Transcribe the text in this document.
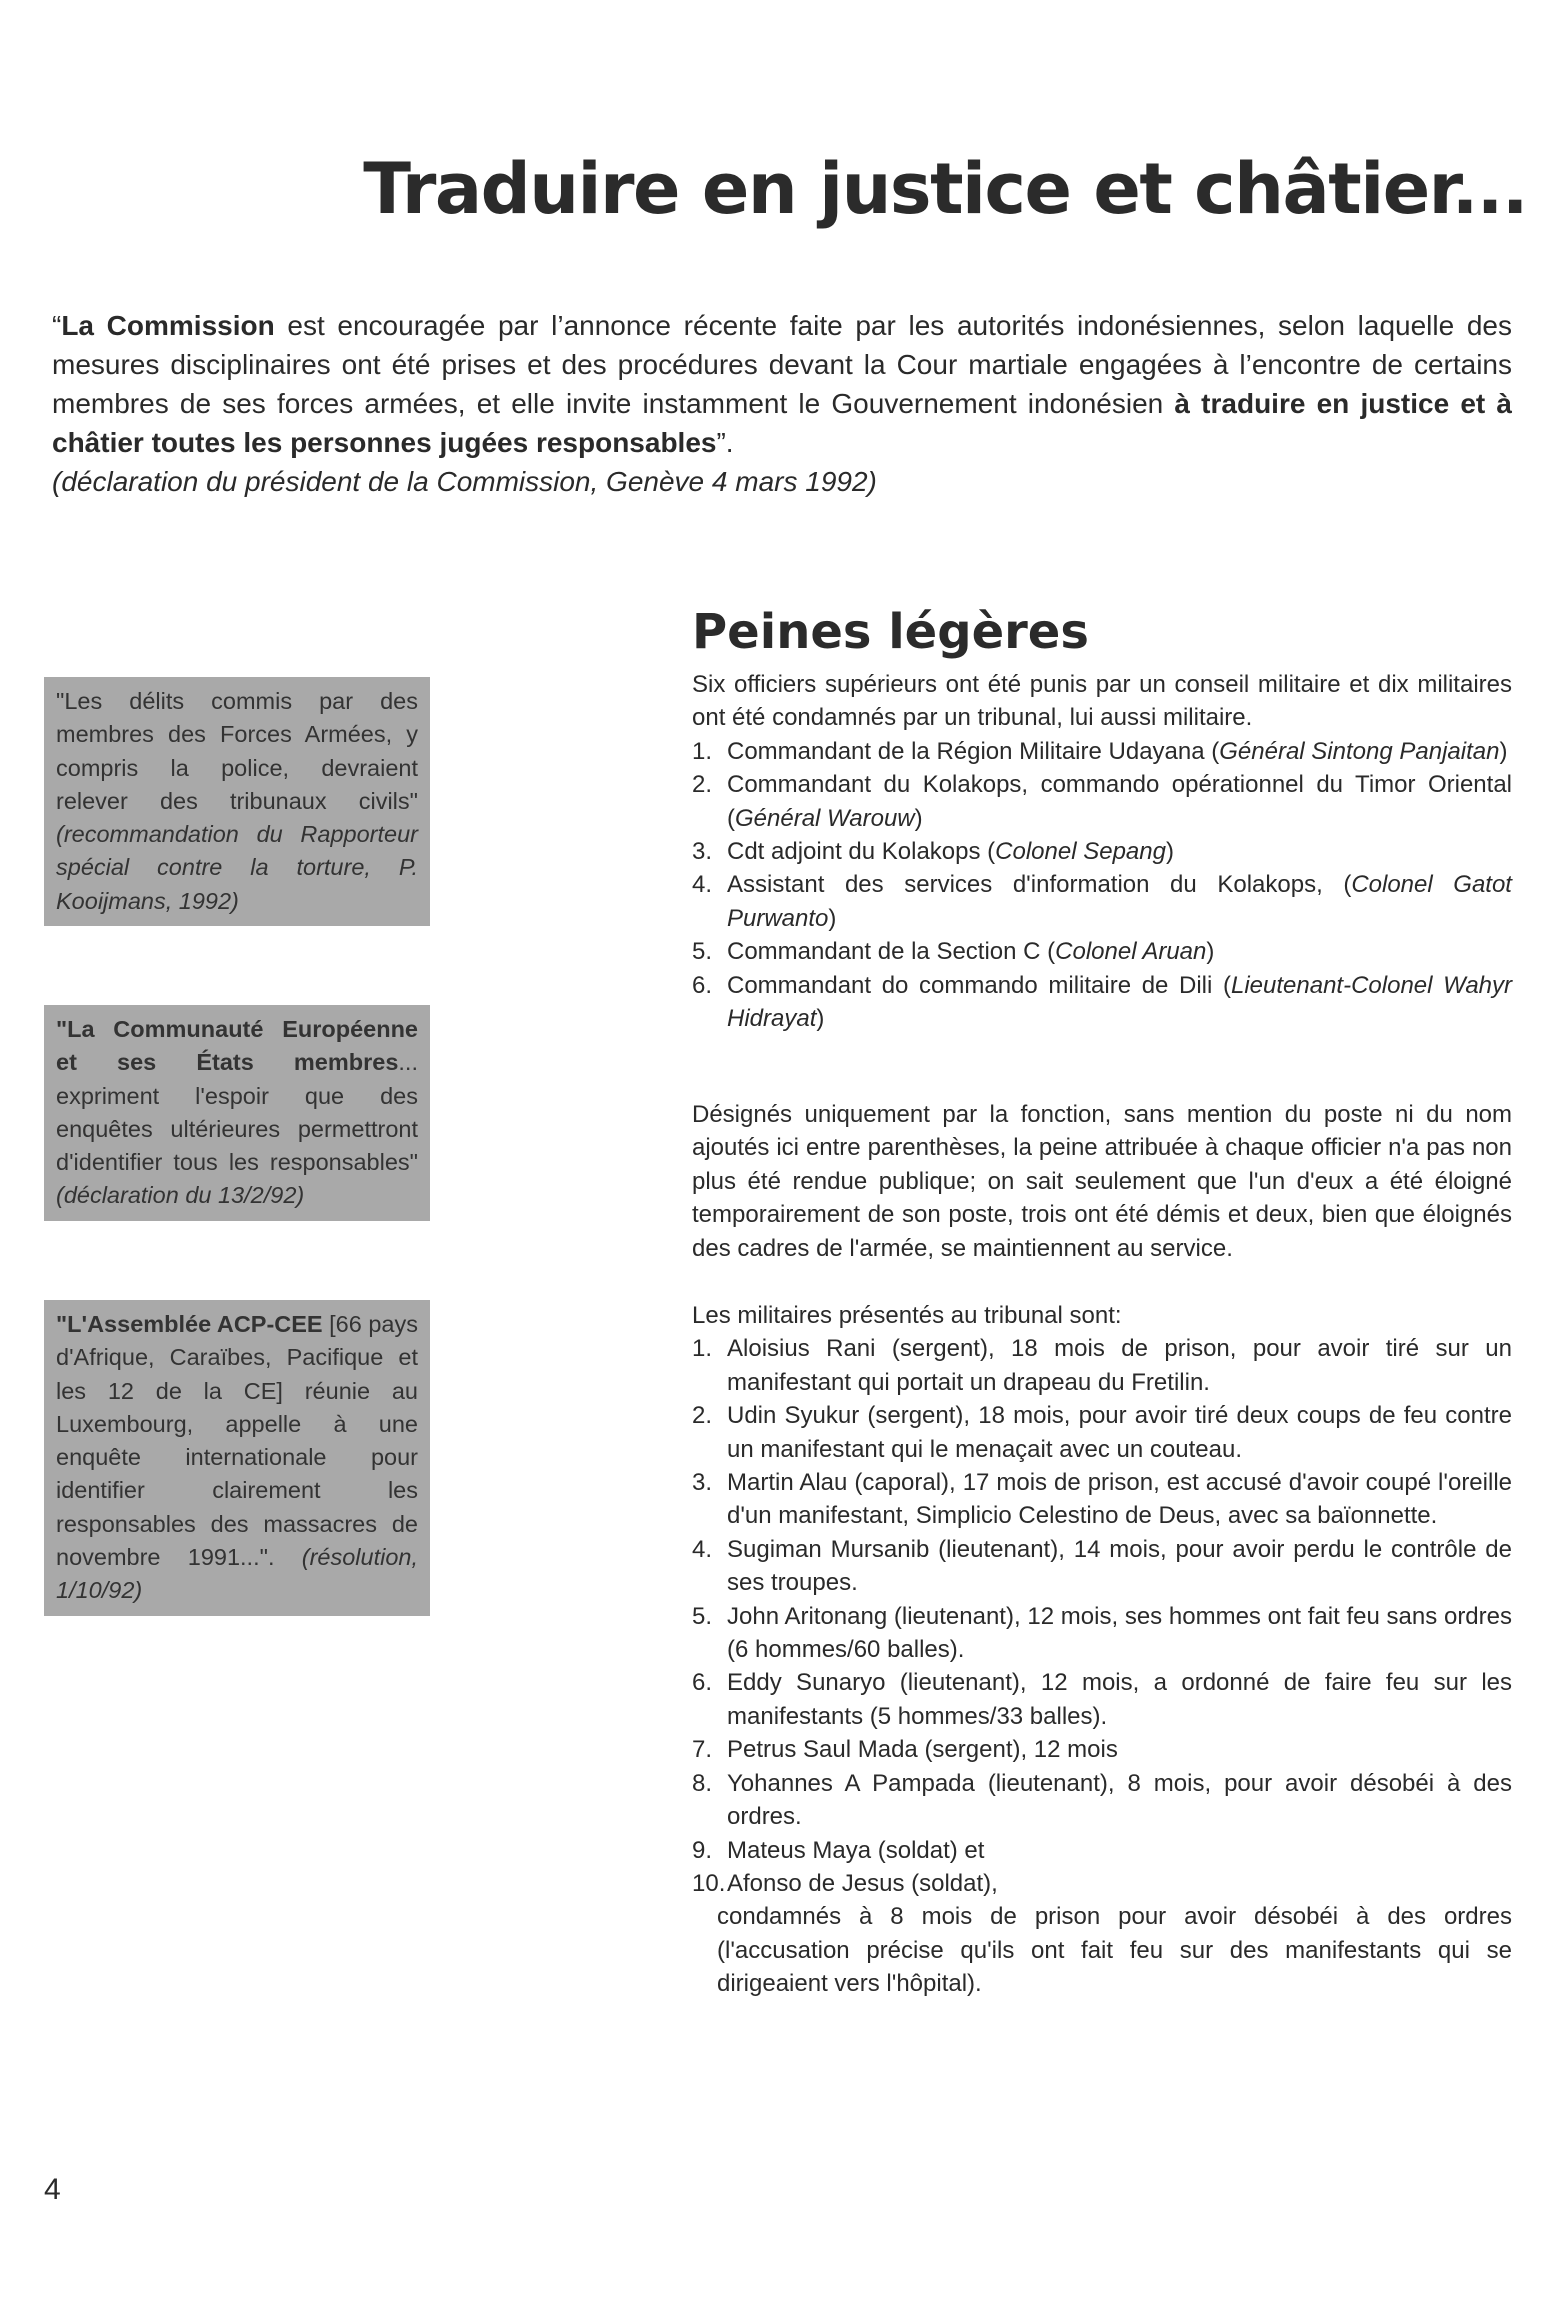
Traduire en justice et châtier...

“La Commission est encouragée par l’annonce récente faite par les autorités indonésiennes, selon laquelle des mesures disciplinaires ont été prises et des procédures devant la Cour martiale engagées à l’encontre de certains membres de ses forces armées, et elle invite instamment le Gouvernement indonésien à traduire en justice et à châtier toutes les personnes jugées responsables”.
(déclaration du président de la Commission, Genève 4 mars 1992)

"Les délits commis par des membres des Forces Armées, y compris la police, devraient relever des tribunaux civils" (recommandation du Rapporteur spécial contre la torture, P. Kooijmans, 1992)
"La Communauté Européenne et ses États membres... expriment l'espoir que des enquêtes ultérieures permettront d'identifier tous les responsables" (déclaration du 13/2/92)
"L'Assemblée ACP-CEE [66 pays d'Afrique, Caraïbes, Pacifique et les 12 de la CE] réunie au Luxembourg, appelle à une enquête internationale pour identifier clairement les responsables des massacres de novembre 1991...". (résolution, 1/10/92)
Peines légères

Six officiers supérieurs ont été punis par un conseil militaire et dix militaires ont été condamnés par un tribunal, lui aussi militaire.

1. Commandant de la Région Militaire Udayana (Général Sintong Panjaitan)
2. Commandant du Kolakops, commando opérationnel du Timor Oriental (Général Warouw)
3. Cdt adjoint du Kolakops (Colonel Sepang)
4. Assistant des services d'information du Kolakops, (Colonel Gatot Purwanto)
5. Commandant de la Section C (Colonel Aruan)
6. Commandant do commando militaire de Dili (Lieutenant-Colonel Wahyr Hidrayat)

Désignés uniquement par la fonction, sans mention du poste ni du nom ajoutés ici entre parenthèses, la peine attribuée à chaque officier n'a pas non plus été rendue publique; on sait seulement que l'un d'eux a été éloigné temporairement de son poste, trois ont été démis et deux, bien que éloignés des cadres de l'armée, se maintiennent au service.

Les militaires présentés au tribunal sont:

1. Aloisius Rani (sergent), 18 mois de prison, pour avoir tiré sur un manifestant qui portait un drapeau du Fretilin.
2. Udin Syukur (sergent), 18 mois, pour avoir tiré deux coups de feu contre un manifestant qui le menaçait avec un couteau.
3. Martin Alau (caporal), 17 mois de prison, est accusé d'avoir coupé l'oreille d'un manifestant, Simplicio Celestino de Deus, avec sa baïonnette.
4. Sugiman Mursanib (lieutenant), 14 mois, pour avoir perdu le contrôle de ses troupes.
5. John Aritonang (lieutenant), 12 mois, ses hommes ont fait feu sans ordres (6 hommes/60 balles).
6. Eddy Sunaryo (lieutenant), 12 mois, a ordonné de faire feu sur les manifestants (5 hommes/33 balles).
7. Petrus Saul Mada (sergent), 12 mois
8. Yohannes A Pampada (lieutenant), 8 mois, pour avoir désobéi à des ordres.
9. Mateus Maya (soldat) et
10. Afonso de Jesus (soldat),
condamnés à 8 mois de prison pour avoir désobéi à des ordres (l'accusation précise qu'ils ont fait feu sur des manifestants qui se dirigeaient vers l'hôpital).
4
